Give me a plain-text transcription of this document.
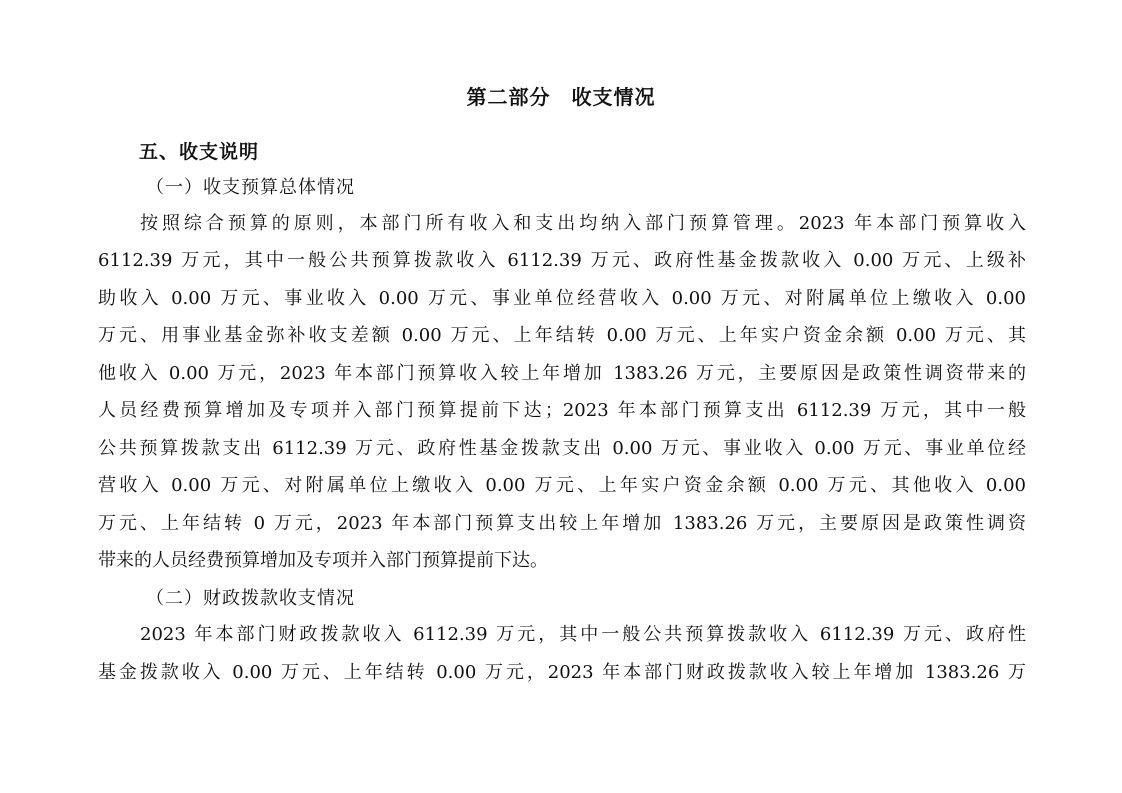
第二部分　收支情况
五、收支说明
（一）收支预算总体情况
按照综合预算的原则，本部门所有收入和支出均纳入部门预算管理。2023 年本部门预算收入
6112.39 万元，其中一般公共预算拨款收入 6112.39 万元、政府性基金拨款收入 0.00 万元、上级补
助收入 0.00 万元、事业收入 0.00 万元、事业单位经营收入 0.00 万元、对附属单位上缴收入 0.00
万元、用事业基金弥补收支差额 0.00 万元、上年结转 0.00 万元、上年实户资金余额 0.00 万元、其
他收入 0.00 万元，2023 年本部门预算收入较上年增加 1383.26 万元，主要原因是政策性调资带来的
人员经费预算增加及专项并入部门预算提前下达；2023 年本部门预算支出 6112.39 万元，其中一般
公共预算拨款支出 6112.39 万元、政府性基金拨款支出 0.00 万元、事业收入 0.00 万元、事业单位经
营收入 0.00 万元、对附属单位上缴收入 0.00 万元、上年实户资金余额 0.00 万元、其他收入 0.00
万元、上年结转 0 万元，2023 年本部门预算支出较上年增加 1383.26 万元，主要原因是政策性调资
带来的人员经费预算增加及专项并入部门预算提前下达。
（二）财政拨款收支情况
2023 年本部门财政拨款收入 6112.39 万元，其中一般公共预算拨款收入 6112.39 万元、政府性
基金拨款收入 0.00 万元、上年结转 0.00 万元，2023 年本部门财政拨款收入较上年增加 1383.26 万
